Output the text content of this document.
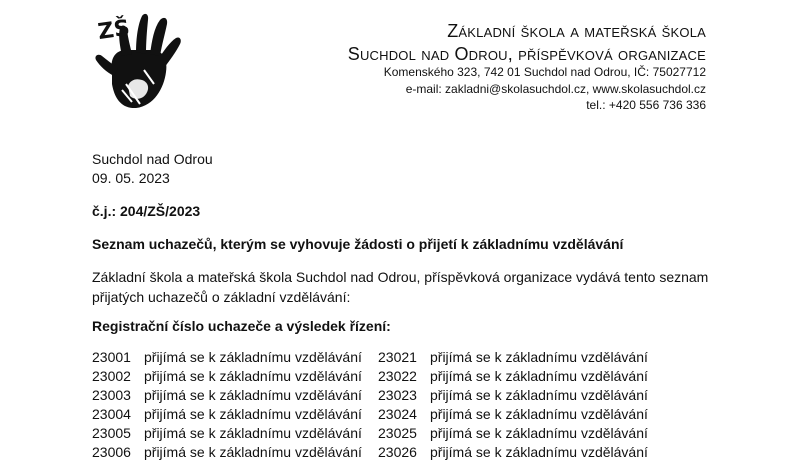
ZŠ	Základní škola a mateřská škola
Suchdol nad Odrou, příspěvková organizace
Komenského 323, 742 01 Suchdol nad Odrou, IČ: 75027712
e-mail: zakladni@skolasuchdol.cz, www.skolasuchdol.cz
tel.: +420 556 736 336
Suchdol nad Odrou
09. 05. 2023
č.j.: 204/ZŠ/2023
Seznam uchazečů, kterým se vyhovuje žádosti o přijetí k základnímu vzdělávání
Základní škola a mateřská škola Suchdol nad Odrou, příspěvková organizace vydává tento seznam
přijatých uchazečů o základní vzdělávání:
Registrační číslo uchazeče a výsledek řízení:
23001 přijímá se k základnímu vzdělávání
23002 přijímá se k základnímu vzdělávání
23003 přijímá se k základnímu vzdělávání
23004 přijímá se k základnímu vzdělávání
23005 přijímá se k základnímu vzdělávání
23006 přijímá se k základnímu vzdělávání
23021 přijímá se k základnímu vzdělávání
23022 přijímá se k základnímu vzdělávání
23023 přijímá se k základnímu vzdělávání
23024 přijímá se k základnímu vzdělávání
23025 přijímá se k základnímu vzdělávání
23026 přijímá se k základnímu vzdělávání
